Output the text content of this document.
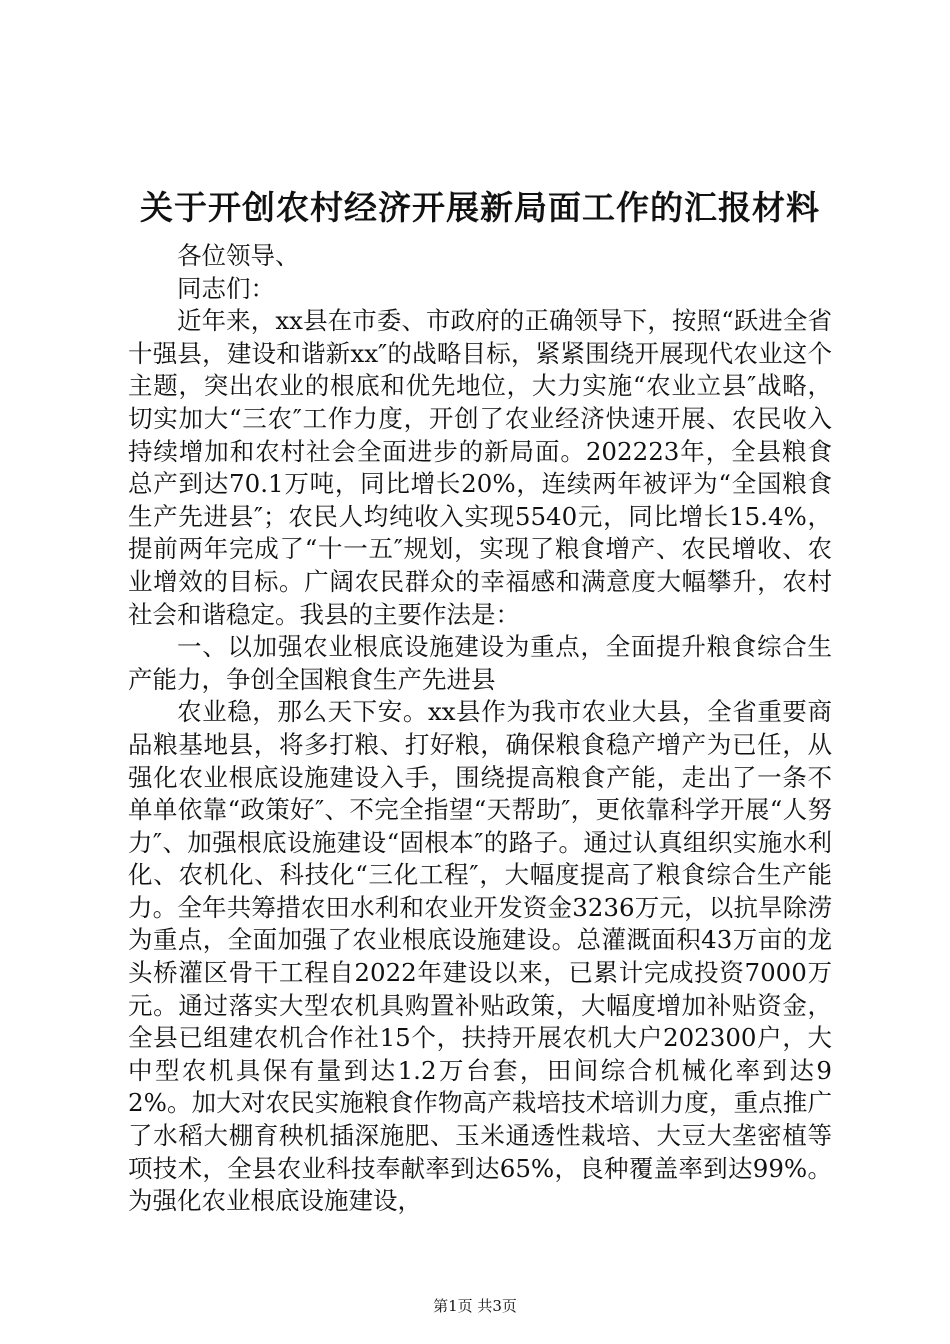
关于开创农村经济开展新局面工作的汇报材料

各位领导、

同志们：

近年来，xx县在市委、市政府的正确领导下，按照“跃进全省十强县，建设和谐新xx″的战略目标，紧紧围绕开展现代农业这个主题，突出农业的根底和优先地位，大力实施“农业立县″战略，切实加大“三农″工作力度，开创了农业经济快速开展、农民收入持续增加和农村社会全面进步的新局面。202223年，全县粮食总产到达70.1万吨，同比增长20%，连续两年被评为“全国粮食生产先进县″；农民人均纯收入实现5540元，同比增长15.4%，提前两年完成了“十一五″规划，实现了粮食增产、农民增收、农业增效的目标。广阔农民群众的幸福感和满意度大幅攀升，农村社会和谐稳定。我县的主要作法是：

一、以加强农业根底设施建设为重点，全面提升粮食综合生产能力，争创全国粮食生产先进县

农业稳，那么天下安。xx县作为我市农业大县，全省重要商品粮基地县，将多打粮、打好粮，确保粮食稳产增产为已任，从强化农业根底设施建设入手，围绕提高粮食产能，走出了一条不单单依靠“政策好″、不完全指望“天帮助″，更依靠科学开展“人努力″、加强根底设施建设“固根本″的路子。通过认真组织实施水利化、农机化、科技化“三化工程″，大幅度提高了粮食综合生产能力。全年共筹措农田水利和农业开发资金3236万元，以抗旱除涝为重点，全面加强了农业根底设施建设。总灌溉面积43万亩的龙头桥灌区骨干工程自2022年建设以来，已累计完成投资7000万元。通过落实大型农机具购置补贴政策，大幅度增加补贴资金，全县已组建农机合作社15个，扶持开展农机大户202300户，大中型农机具保有量到达1.2万台套，田间综合机械化率到达92%。加大对农民实施粮食作物高产栽培技术培训力度，重点推广了水稻大棚育秧机插深施肥、玉米通透性栽培、大豆大垄密植等项技术，全县农业科技奉献率到达65%，良种覆盖率到达99%。为强化农业根底设施建设，

第1页 共3页
